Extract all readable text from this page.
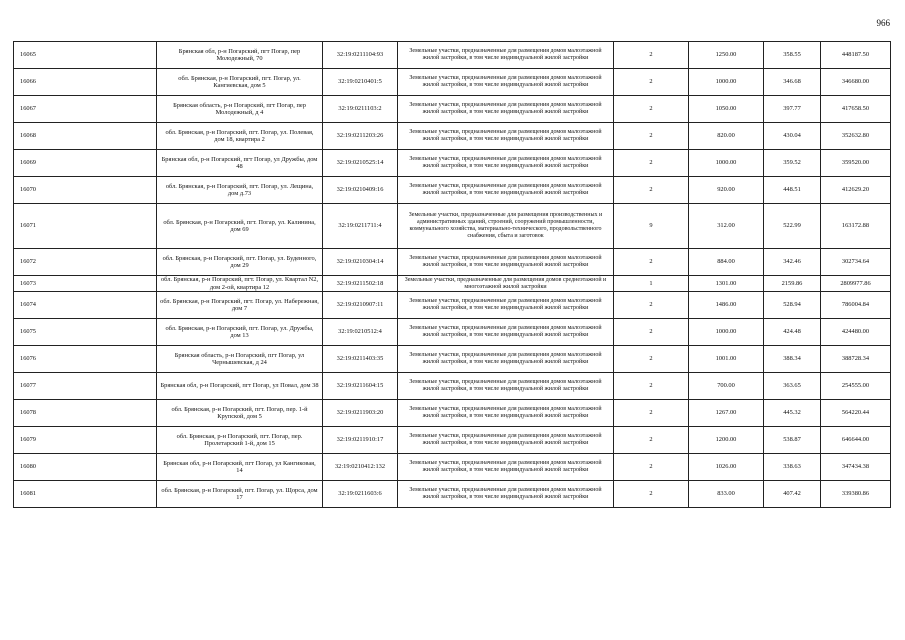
966
16065	Брянская обл, р-н Погарский, пгт Погар, пер Молодежный, 70	32:19:0211104:93	Земельные участки, предназначенные для размещения домов малоэтажной жилой застройки, в том числе индивидуальной жилой застройки	2	1250.00	358.55	448187.50
16066	обл. Брянская, р-н Погарский, пгт. Погар, ул. Кангиевская, дом 5	32:19:0210401:5	Земельные участки, предназначенные для размещения домов малоэтажной жилой застройки, в том числе индивидуальной жилой застройки	2	1000.00	346.68	346680.00
16067	Брянская область, р-н Погарский, пгт Погар, пер Молодежный, д 4	32:19:0211103:2	Земельные участки, предназначенные для размещения домов малоэтажной жилой застройки, в том числе индивидуальной жилой застройки	2	1050.00	397.77	417658.50
16068	обл. Брянская, р-н Погарский, пгт. Погар, ул. Полевая, дом 18, квартира 2	32:19:0211203:26	Земельные участки, предназначенные для размещения домов малоэтажной жилой застройки, в том числе индивидуальной жилой застройки	2	820.00	430.04	352632.80
16069	Брянская обл, р-н Погарский, пгт Погар, ул Дружбы, дом 48	32:19:0210525:14	Земельные участки, предназначенные для размещения домов малоэтажной жилой застройки, в том числе индивидуальной жилой застройки	2	1000.00	359.52	359520.00
16070	обл. Брянская, р-н Погарский, пгт. Погар, ул. Лещина, дом д.73	32:19:0210409:16	Земельные участки, предназначенные для размещения домов малоэтажной жилой застройки, в том числе индивидуальной жилой застройки	2	920.00	448.51	412629.20
16071	обл. Брянская, р-н Погарский, пгт. Погар, ул. Калинина, дом 69	32:19:0211711:4	Земельные участки, предназначенные для размещения производственных и административных зданий, строений, сооружений промышленности, коммунального хозяйства, материально-технического, продовольственного снабжения, сбыта и заготовок	9	312.00	522.99	163172.88
16072	обл. Брянская, р-н Погарский, пгт. Погар, ул. Буденного, дом 29	32:19:0210304:14	Земельные участки, предназначенные для размещения домов малоэтажной жилой застройки, в том числе индивидуальной жилой застройки	2	884.00	342.46	302734.64
16073	обл. Брянская, р-н Погарский, пгт. Погар, ул. Квартал N2, дом 2-ой, квартира 12	32:19:0211502:18	Земельные участки, предназначенные для размещения домов среднеэтажной и многоэтажной жилой застройки	1	1301.00	2159.86	2809977.86
16074	обл. Брянская, р-н Погарский, пгт. Погар, ул. Набережная, дом 7	32:19:0210907:11	Земельные участки, предназначенные для размещения домов малоэтажной жилой застройки, в том числе индивидуальной жилой застройки	2	1486.00	528.94	786004.84
16075	обл. Брянская, р-н Погарский, пгт. Погар, ул. Дружбы, дом 13	32:19:0210512:4	Земельные участки, предназначенные для размещения домов малоэтажной жилой застройки, в том числе индивидуальной жилой застройки	2	1000.00	424.48	424480.00
16076	Брянская область, р-н Погарский, пгт Погар, ул Чернышевская, д 24	32:19:0211403:35	Земельные участки, предназначенные для размещения домов малоэтажной жилой застройки, в том числе индивидуальной жилой застройки	2	1001.00	388.34	388728.34
16077	Брянская обл, р-н Погарский, пгт Погар, ул Повал, дом 38	32:19:0211604:15	Земельные участки, предназначенные для размещения домов малоэтажной жилой застройки, в том числе индивидуальной жилой застройки	2	700.00	363.65	254555.00
16078	обл. Брянская, р-н Погарский, пгт. Погар, пер. 1-й Крупской, дом 5	32:19:0211903:20	Земельные участки, предназначенные для размещения домов малоэтажной жилой застройки, в том числе индивидуальной жилой застройки	2	1267.00	445.32	564220.44
16079	обл. Брянская, р-н Погарский, пгт. Погар, пер. Пролетарский 1-й, дом 15	32:19:0211910:17	Земельные участки, предназначенные для размещения домов малоэтажной жилой застройки, в том числе индивидуальной жилой застройки	2	1200.00	538.87	646644.00
16080	Брянская обл, р-н Погарский, пгт Погар, ул Кангиковая, 14	32:19:0210412:132	Земельные участки, предназначенные для размещения домов малоэтажной жилой застройки, в том числе индивидуальной жилой застройки	2	1026.00	338.63	347434.38
16081	обл. Брянская, р-н Погарский, пгт. Погар, ул. Щорса, дом 17	32:19:0211603:6	Земельные участки, предназначенные для размещения домов малоэтажной жилой застройки, в том числе индивидуальной жилой застройки	2	833.00	407.42	339380.86
